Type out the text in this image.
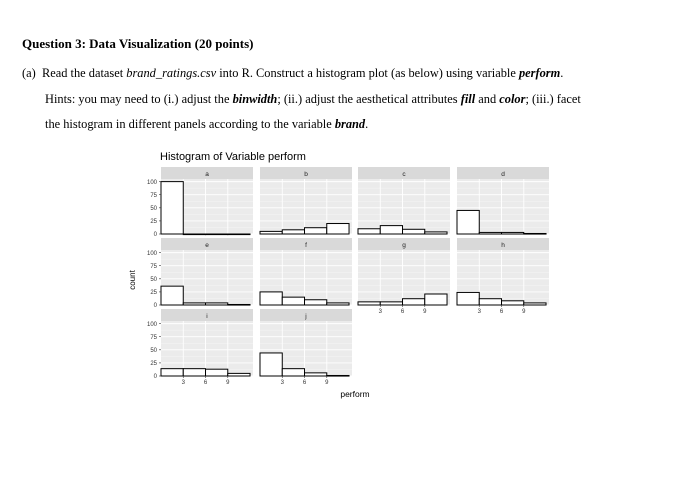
Question 3: Data Visualization (20 points)
(a) Read the dataset brand_ratings.csv into R. Construct a histogram plot (as below) using variable perform.
Hints: you may need to (i.) adjust the binwidth; (ii.) adjust the aesthetical attributes fill and color; (iii.) facet
the histogram in different panels according to the variable brand.
Histogram of Variable perform
count
perform
a
0
25
50
75
100
b	c	d
e
0
25
50
75
100
f	g
3	6	9
h
3	6	9
i
0
25
50
75
100
3	6	9
j
3	6	9
